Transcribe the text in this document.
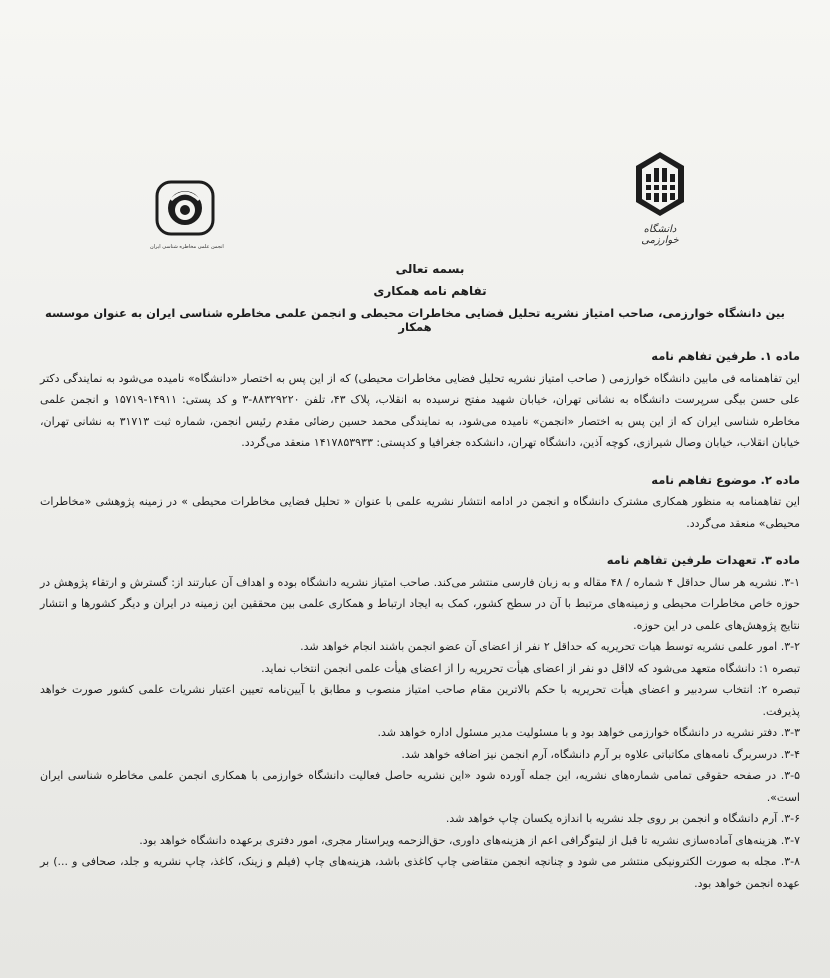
دانشگاه خوارزمی
انجمن علمی مخاطره شناسی ایران
بسمه تعالی
تفاهم نامه همکاری
بین دانشگاه خوارزمی، صاحب امتیاز نشریه تحلیل فضایی مخاطرات محیطی و انجمن علمی مخاطره شناسی ایران به عنوان موسسه همکار
ماده ۱. طرفین تفاهم نامه

این تفاهمنامه فی مابین دانشگاه خوارزمی ( صاحب امتیاز نشریه تحلیل فضایی مخاطرات محیطی) که از این پس به اختصار «دانشگاه» نامیده می‌شود به نمایندگی دکتر علی حسن بیگی سرپرست دانشگاه به نشانی تهران، خیابان شهید مفتح نرسیده به انقلاب، پلاک ۴۳، تلفن ۸۸۳۲۹۲۲۰-۳ و کد پستی: ۱۴۹۱۱-۱۵۷۱۹ و انجمن علمی مخاطره شناسی ایران که از این پس به اختصار «انجمن» نامیده می‌شود، به نمایندگی محمد حسین رضائی مقدم رئیس انجمن، شماره ثبت ۳۱۷۱۳ به نشانی تهران، خیابان انقلاب، خیابان وصال شیرازی، کوچه آذین، دانشگاه تهران، دانشکده جغرافیا و کدپستی: ۱۴۱۷۸۵۳۹۳۳ منعقد می‌گردد.

ماده ۲. موضوع تفاهم نامه

این تفاهمنامه به منظور همکاری مشترک دانشگاه و انجمن در ادامه انتشار نشریه علمی با عنوان « تحلیل فضایی مخاطرات محیطی » در زمینه پژوهشی «مخاطرات محیطی» منعقد می‌گردد.

ماده ۳. تعهدات طرفین تفاهم نامه

۳-۱. نشریه هر سال حداقل ۴ شماره / ۴۸ مقاله و به زبان فارسی منتشر می‌کند. صاحب امتیاز نشریه دانشگاه بوده و اهداف آن عبارتند از: گسترش و ارتقاء پژوهش در حوزه خاص مخاطرات محیطی و زمینه‌های مرتبط با آن در سطح کشور، کمک به ایجاد ارتباط و همکاری علمی بین محققین این زمینه در ایران و دیگر کشورها و انتشار نتایج پژوهش‌های علمی در این حوزه.

۳-۲. امور علمی نشریه توسط هیات تحریریه که حداقل ۲ نفر از اعضای آن عضو انجمن باشند انجام خواهد شد.

تبصره ۱: دانشگاه متعهد می‌شود که لااقل دو نفر از اعضای هیأت تحریریه را از اعضای هیأت علمی انجمن انتخاب نماید.

تبصره ۲: انتخاب سردبیر و اعضای هیأت تحریریه با حکم بالاترین مقام صاحب امتیاز منصوب و مطابق با آیین‌نامه تعیین اعتبار نشریات علمی کشور صورت خواهد پذیرفت.

۳-۳. دفتر نشریه در دانشگاه خوارزمی خواهد بود و با مسئولیت مدیر مسئول اداره خواهد شد.

۳-۴. درسربرگ نامه‌های مکاتباتی علاوه بر آرم دانشگاه، آرم انجمن نیز اضافه خواهد شد.

۳-۵. در صفحه حقوقی تمامی شماره‌های نشریه، این جمله آورده شود «این نشریه حاصل فعالیت دانشگاه خوارزمی با همکاری انجمن علمی مخاطره شناسی ایران است».

۳-۶. آرم دانشگاه و انجمن بر روی جلد نشریه با اندازه یکسان چاپ خواهد شد.

۳-۷. هزینه‌های آماده‌سازی نشریه تا قبل از لیتوگرافی اعم از هزینه‌های داوری، حق‌الزحمه ویراستار مجری، امور دفتری برعهده دانشگاه خواهد بود.

۳-۸. مجله به صورت الکترونیکی منتشر می شود و چنانچه انجمن متقاضی چاپ کاغذی باشد، هزینه‌های چاپ (فیلم و زینک، کاغذ، چاپ نشریه و جلد، صحافی و ...) بر عهده انجمن خواهد بود.
